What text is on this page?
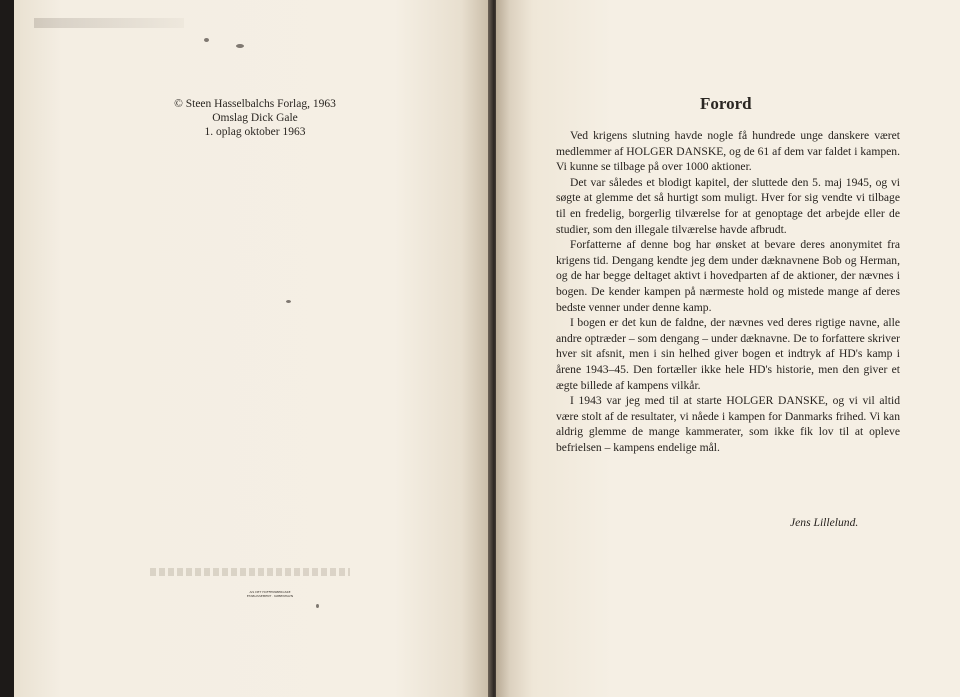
© Steen Hasselbalchs Forlag, 1963
Omslag Dick Gale
1. oplag oktober 1963
AiS DET HOFFENSBERGSKE
ETABLISSEMENT · KØBENHAVN
Forord

Ved krigens slutning havde nogle få hundrede unge danskere været medlemmer af HOLGER DANSKE, og de 61 af dem var faldet i kampen. Vi kunne se tilbage på over 1000 aktioner.

Det var således et blodigt kapitel, der sluttede den 5. maj 1945, og vi søgte at glemme det så hurtigt som muligt. Hver for sig vendte vi tilbage til en fredelig, borgerlig tilværelse for at genoptage det arbejde eller de studier, som den illegale tilværelse havde afbrudt.

Forfatterne af denne bog har ønsket at bevare deres anonymitet fra krigens tid. Dengang kendte jeg dem under dæknavnene Bob og Herman, og de har begge deltaget aktivt i hovedparten af de aktioner, der nævnes i bogen. De kender kampen på nærmeste hold og mistede mange af deres bedste venner under denne kamp.

I bogen er det kun de faldne, der nævnes ved deres rigtige navne, alle andre optræder – som dengang – under dæknavne. De to forfattere skriver hver sit afsnit, men i sin helhed giver bogen et indtryk af HD's kamp i årene 1943–45. Den fortæller ikke hele HD's historie, men den giver et ægte billede af kampens vilkår.

I 1943 var jeg med til at starte HOLGER DANSKE, og vi vil altid være stolt af de resultater, vi nåede i kampen for Danmarks frihed. Vi kan aldrig glemme de mange kammerater, som ikke fik lov til at opleve befrielsen – kampens endelige mål.

Jens Lillelund.
